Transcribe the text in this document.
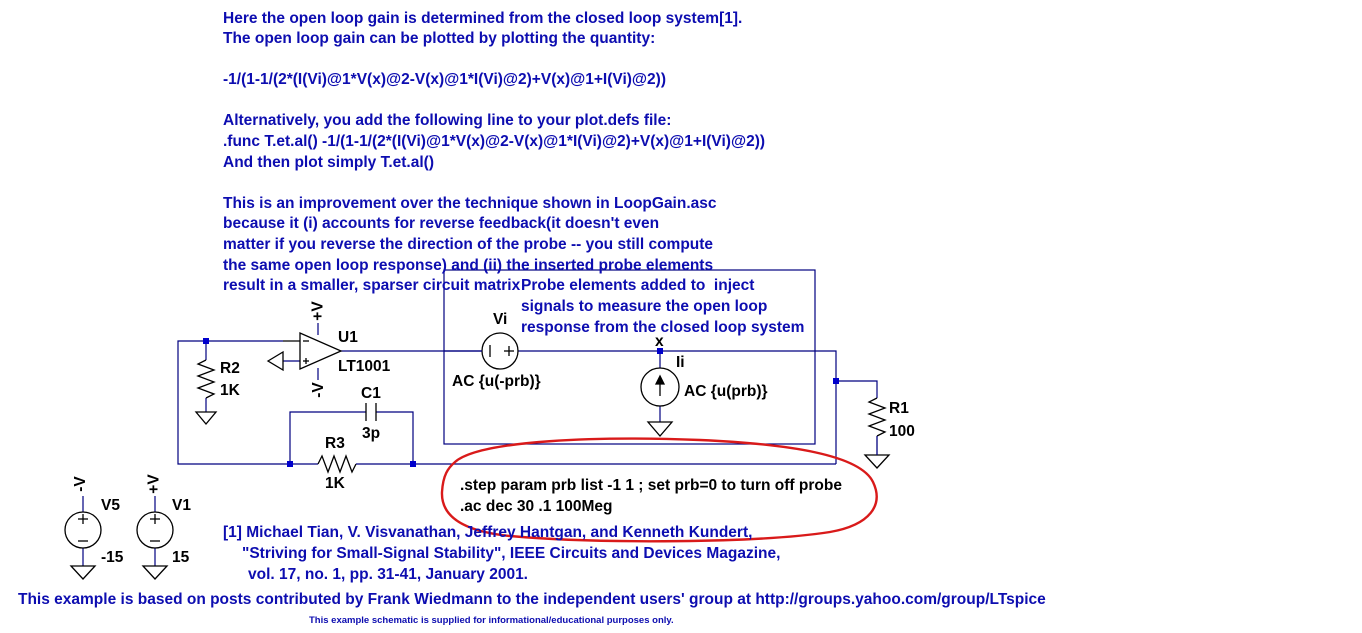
Here the open loop gain is determined from the closed loop system[1].
The open loop gain can be plotted by plotting the quantity:
-1/(1-1/(2*(I(Vi)@1*V(x)@2-V(x)@1*I(Vi)@2)+V(x)@1+I(Vi)@2))
Alternatively, you add the following line to your plot.defs file:
.func T.et.al() -1/(1-1/(2*(I(Vi)@1*V(x)@2-V(x)@1*I(Vi)@2)+V(x)@1+I(Vi)@2))
And then plot simply T.et.al()
This is an improvement over the technique shown in LoopGain.asc
because it (i) accounts for reverse feedback(it doesn't even
matter if you reverse the direction of the probe -- you still compute
the same open loop response) and (ii) the inserted probe elements
result in a smaller, sparser circuit matrix Probe elements added to  inject
signals to measure the open loop
response from the closed loop system
[1] Michael Tian, V. Visvanathan, Jeffrey Hantgan, and Kenneth Kundert,
"Striving for Small-Signal Stability", IEEE Circuits and Devices Magazine,
vol. 17, no. 1, pp. 31-41, January 2001.
This example is based on posts contributed by Frank Wiedmann to the independent users' group at http://groups.yahoo.com/group/LTspice
This example schematic is supplied for informational/educational purposes only.
.step param prb list -1 1 ; set prb=0 to turn off probe
.ac dec 30 .1 100Meg
U1
LT1001
+V
-V
R2
1K	C1
3p
R3
1K
Vi
AC {u(-prb)}
x
Ii
AC {u(prb)}
R1
100
-V
V5
-15
+V
V1
15
